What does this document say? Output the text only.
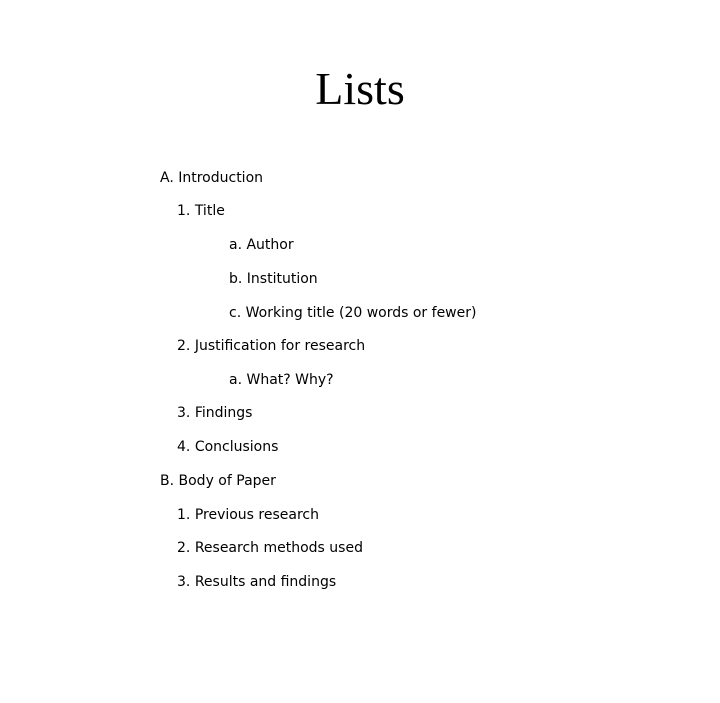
Lists
A. Introduction
1. Title
a. Author
b. Institution
c. Working title (20 words or fewer)
2. Justification for research
a. What? Why?
3. Findings
4. Conclusions
B. Body of Paper
1. Previous research
2. Research methods used
3. Results and findings
